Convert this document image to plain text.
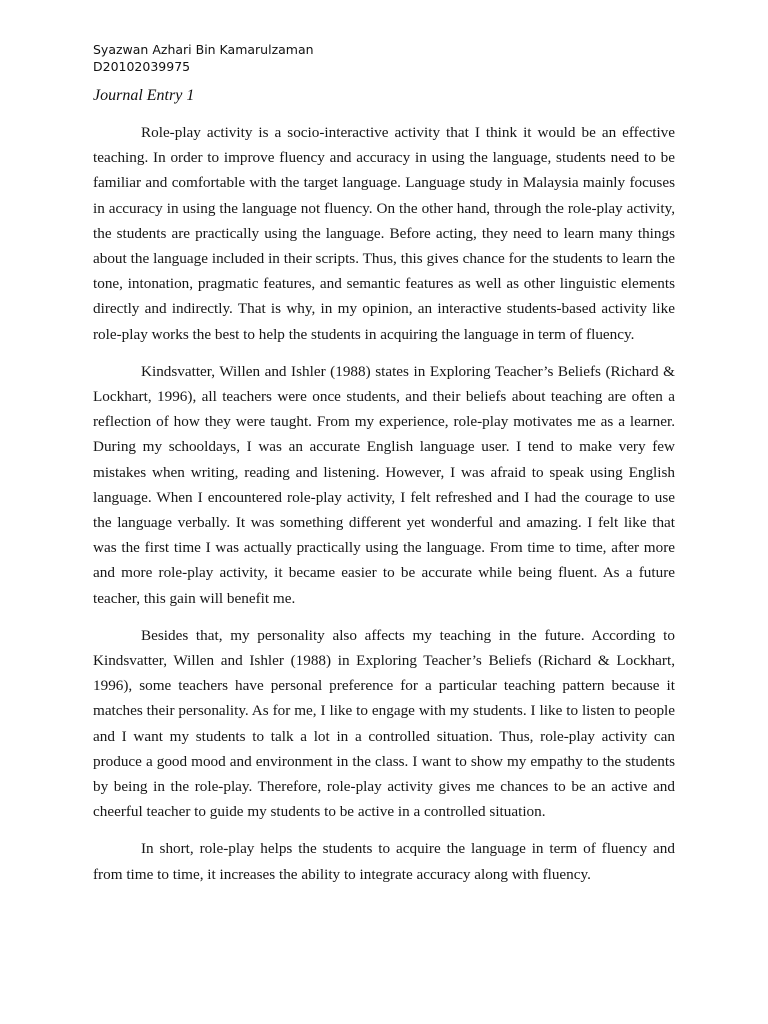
Syazwan Azhari Bin Kamarulzaman
D20102039975
Journal Entry 1

Role-play activity is a socio-interactive activity that I think it would be an effective teaching. In order to improve fluency and accuracy in using the language, students need to be familiar and comfortable with the target language. Language study in Malaysia mainly focuses in accuracy in using the language not fluency. On the other hand, through the role-play activity, the students are practically using the language. Before acting, they need to learn many things about the language included in their scripts. Thus, this gives chance for the students to learn the tone, intonation, pragmatic features, and semantic features as well as other linguistic elements directly and indirectly. That is why, in my opinion, an interactive students-based activity like role-play works the best to help the students in acquiring the language in term of fluency.

Kindsvatter, Willen and Ishler (1988) states in Exploring Teacher’s Beliefs (Richard & Lockhart, 1996), all teachers were once students, and their beliefs about teaching are often a reflection of how they were taught. From my experience, role-play motivates me as a learner. During my schooldays, I was an accurate English language user. I tend to make very few mistakes when writing, reading and listening. However, I was afraid to speak using English language. When I encountered role-play activity, I felt refreshed and I had the courage to use the language verbally. It was something different yet wonderful and amazing. I felt like that was the first time I was actually practically using the language. From time to time, after more and more role-play activity, it became easier to be accurate while being fluent. As a future teacher, this gain will benefit me.

Besides that, my personality also affects my teaching in the future. According to Kindsvatter, Willen and Ishler (1988) in Exploring Teacher’s Beliefs (Richard & Lockhart, 1996), some teachers have personal preference for a particular teaching pattern because it matches their personality. As for me, I like to engage with my students. I like to listen to people and I want my students to talk a lot in a controlled situation. Thus, role-play activity can produce a good mood and environment in the class. I want to show my empathy to the students by being in the role-play. Therefore, role-play activity gives me chances to be an active and cheerful teacher to guide my students to be active in a controlled situation.

In short, role-play helps the students to acquire the language in term of fluency and from time to time, it increases the ability to integrate accuracy along with fluency.
